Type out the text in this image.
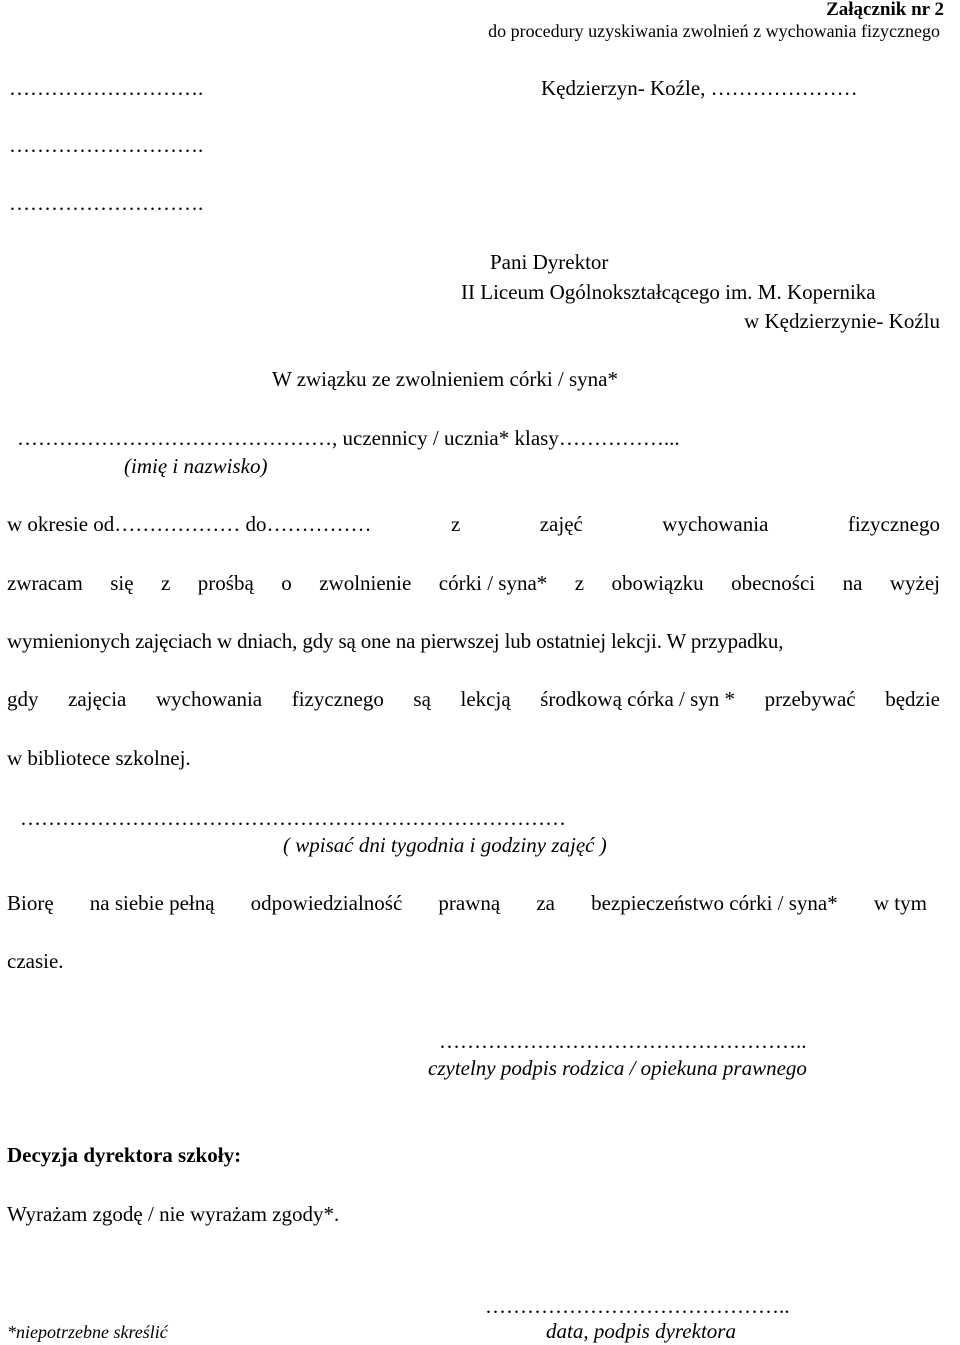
Załącznik nr 2
do procedury uzyskiwania zwolnień z wychowania fizycznego
……………………….	Kędzierzyn- Koźle, …………………
……………………….
……………………….
Pani Dyrektor
II Liceum Ogólnokształcącego im. M. Kopernika
w Kędzierzynie- Koźlu
W związku ze zwolnieniem córki / syna*
………………………………………, uczennicy / ucznia* klasy……………...
(imię i nazwisko)
w okresie od……………… do……………	z	zajęć	wychowania	fizycznego
zwracam się z prośbą o zwolnienie córki / syna* z obowiązku obecności na wyżej
wymienionych zajęciach w dniach, gdy są one na pierwszej lub ostatniej lekcji. W przypadku,
gdy zajęcia wychowania fizycznego są lekcją środkową córka / syn * przebywać będzie
w bibliotece szkolnej.
……………………………………………………………………
( wpisać dni tygodnia i godziny zajęć )
Biorę na siebie pełną odpowiedzialność prawną za bezpieczeństwo córki / syna* w tym
czasie.
……………………………………………..
czytelny podpis rodzica / opiekuna prawnego
Decyzja dyrektora szkoły:
Wyrażam zgodę / nie wyrażam zgody*.
……………………………………..
*niepotrzebne skreślić	data, podpis dyrektora
